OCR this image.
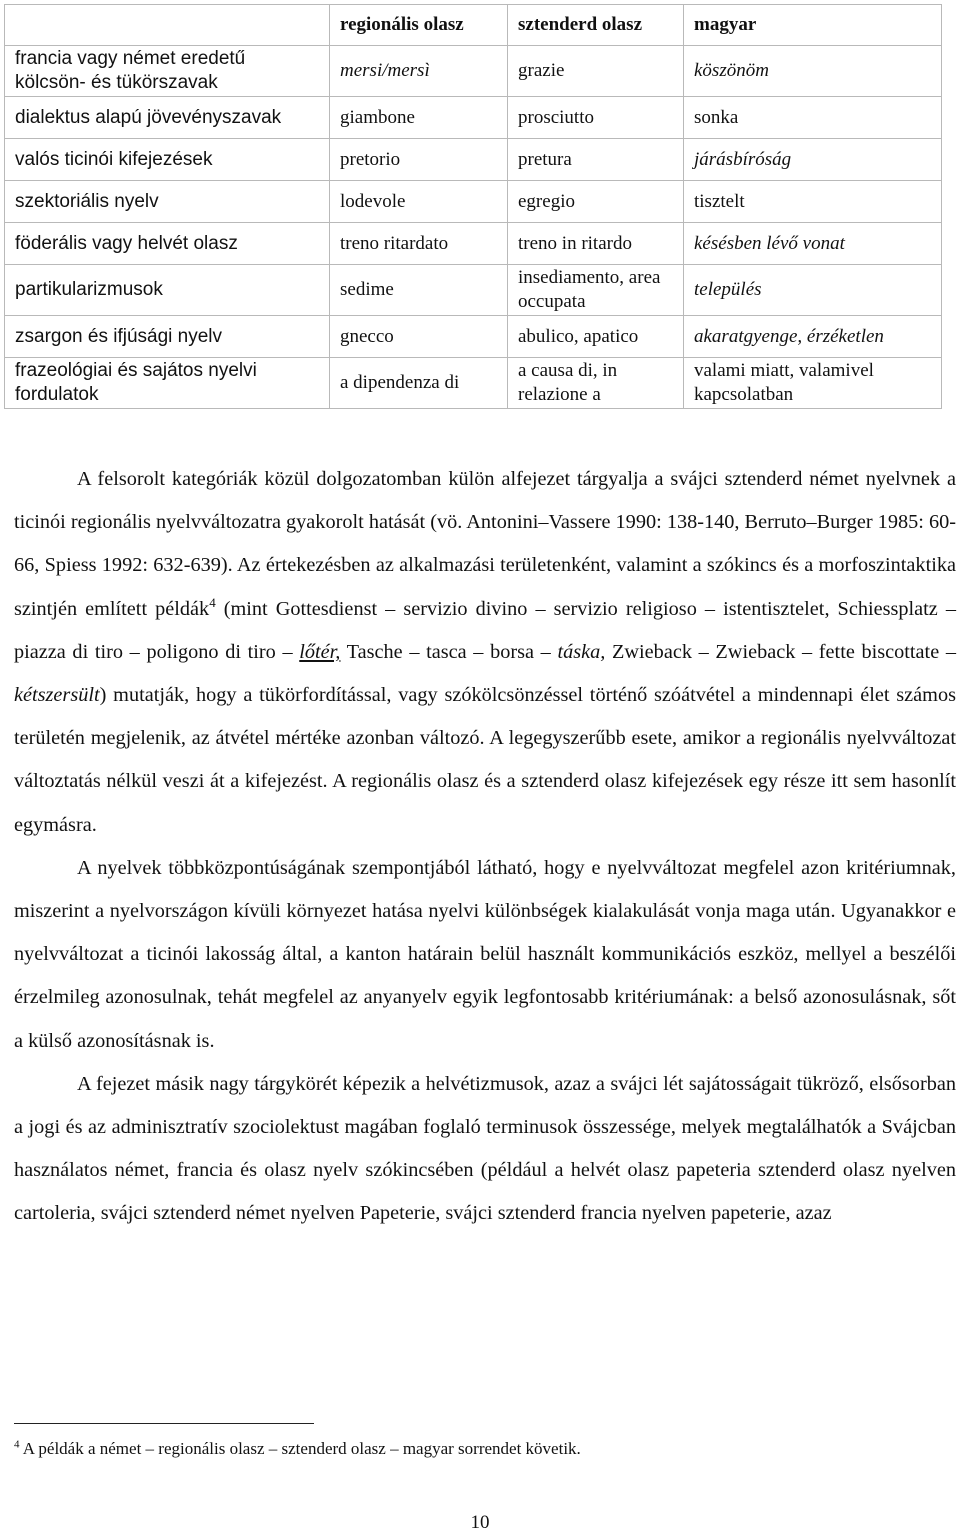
	regionális olasz	sztenderd olasz	magyar
francia vagy német eredetű kölcsön- és tükörszavak	mersi/mersì	grazie	köszönöm
dialektus alapú jövevényszavak	giambone	prosciutto	sonka
valós ticinói kifejezések	pretorio	pretura	járásbíróság
szektoriális nyelv	lodevole	egregio	tisztelt
föderális vagy helvét olasz	treno ritardato	treno in ritardo	késésben lévő vonat
partikularizmusok	sedime	insediamento, area occupata	település
zsargon és ifjúsági nyelv	gnecco	abulico, apatico	akaratgyenge, érzéketlen
frazeológiai és sajátos nyelvi fordulatok	a dipendenza di	a causa di, in relazione a	valami miatt, valamivel kapcsolatban

A felsorolt kategóriák közül dolgozatomban külön alfejezet tárgyalja a svájci sztenderd német nyelvnek a ticinói regionális nyelvváltozatra gyakorolt hatását (vö. Antonini–Vassere 1990: 138-140, Berruto–Burger 1985: 60-66, Spiess 1992: 632-639). Az értekezésben az alkalmazási területenként, valamint a szókincs és a morfoszintaktika szintjén említett példák$^4$ (mint Gottesdienst – servizio divino – servizio religioso – istentisztelet, Schiessplatz – piazza di tiro – poligono di tiro – lőtér, Tasche – tasca – borsa – táska, Zwieback – Zwieback – fette biscottate – kétszersült) mutatják, hogy a tükörfordítással, vagy szókölcsönzéssel történő szóátvétel a mindennapi élet számos területén megjelenik, az átvétel mértéke azonban változó. A legegyszerűbb esete, amikor a regionális nyelvváltozat változtatás nélkül veszi át a kifejezést. A regionális olasz és a sztenderd olasz kifejezések egy része itt sem hasonlít egymásra.

A nyelvek többközpontúságának szempontjából látható, hogy e nyelvváltozat megfelel azon kritériumnak, miszerint a nyelvországon kívüli környezet hatása nyelvi különbségek kialakulását vonja maga után. Ugyanakkor e nyelvváltozat a ticinói lakosság által, a kanton határain belül használt kommunikációs eszköz, mellyel a beszélői érzelmileg azonosulnak, tehát megfelel az anyanyelv egyik legfontosabb kritériumának: a belső azonosulásnak, sőt a külső azonosításnak is.

A fejezet másik nagy tárgykörét képezik a helvétizmusok, azaz a svájci lét sajátosságait tükröző, elsősorban a jogi és az adminisztratív szociolektust magában foglaló terminusok összessége, melyek megtalálhatók a Svájcban használatos német, francia és olasz nyelv szókincsében (például a helvét olasz papeteria sztenderd olasz nyelven cartoleria, svájci sztenderd német nyelven Papeterie, svájci sztenderd francia nyelven papeterie, azaz

$^4$ A példák a német – regionális olasz – sztenderd olasz – magyar sorrendet követik.
10
